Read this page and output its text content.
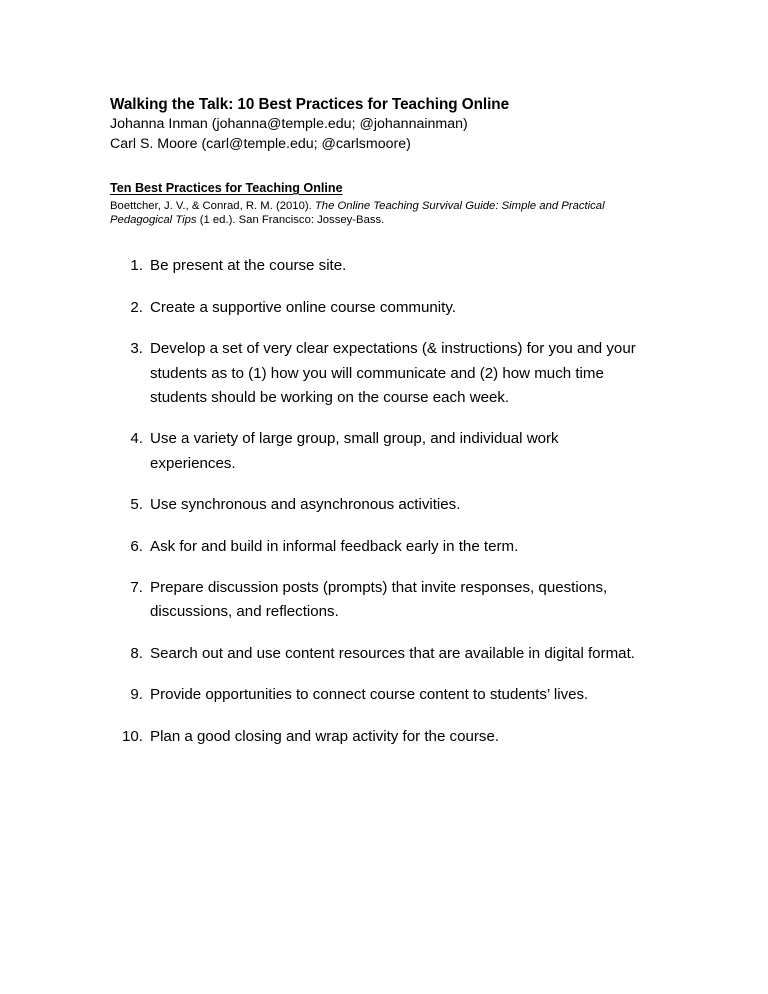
Walking the Talk: 10 Best Practices for Teaching Online
Johanna Inman (johanna@temple.edu; @johannainman)
Carl S. Moore (carl@temple.edu; @carlsmoore)
Ten Best Practices for Teaching Online

Boettcher, J. V., & Conrad, R. M. (2010). The Online Teaching Survival Guide: Simple and Practical Pedagogical Tips (1 ed.). San Francisco: Jossey-Bass.

1. Be present at the course site.
2. Create a supportive online course community.
3. Develop a set of very clear expectations (& instructions) for you and your students as to (1) how you will communicate and (2) how much time students should be working on the course each week.
4. Use a variety of large group, small group, and individual work experiences.
5. Use synchronous and asynchronous activities.
6. Ask for and build in informal feedback early in the term.
7. Prepare discussion posts (prompts) that invite responses, questions, discussions, and reflections.
8. Search out and use content resources that are available in digital format.
9. Provide opportunities to connect course content to students’ lives.
10. Plan a good closing and wrap activity for the course.
